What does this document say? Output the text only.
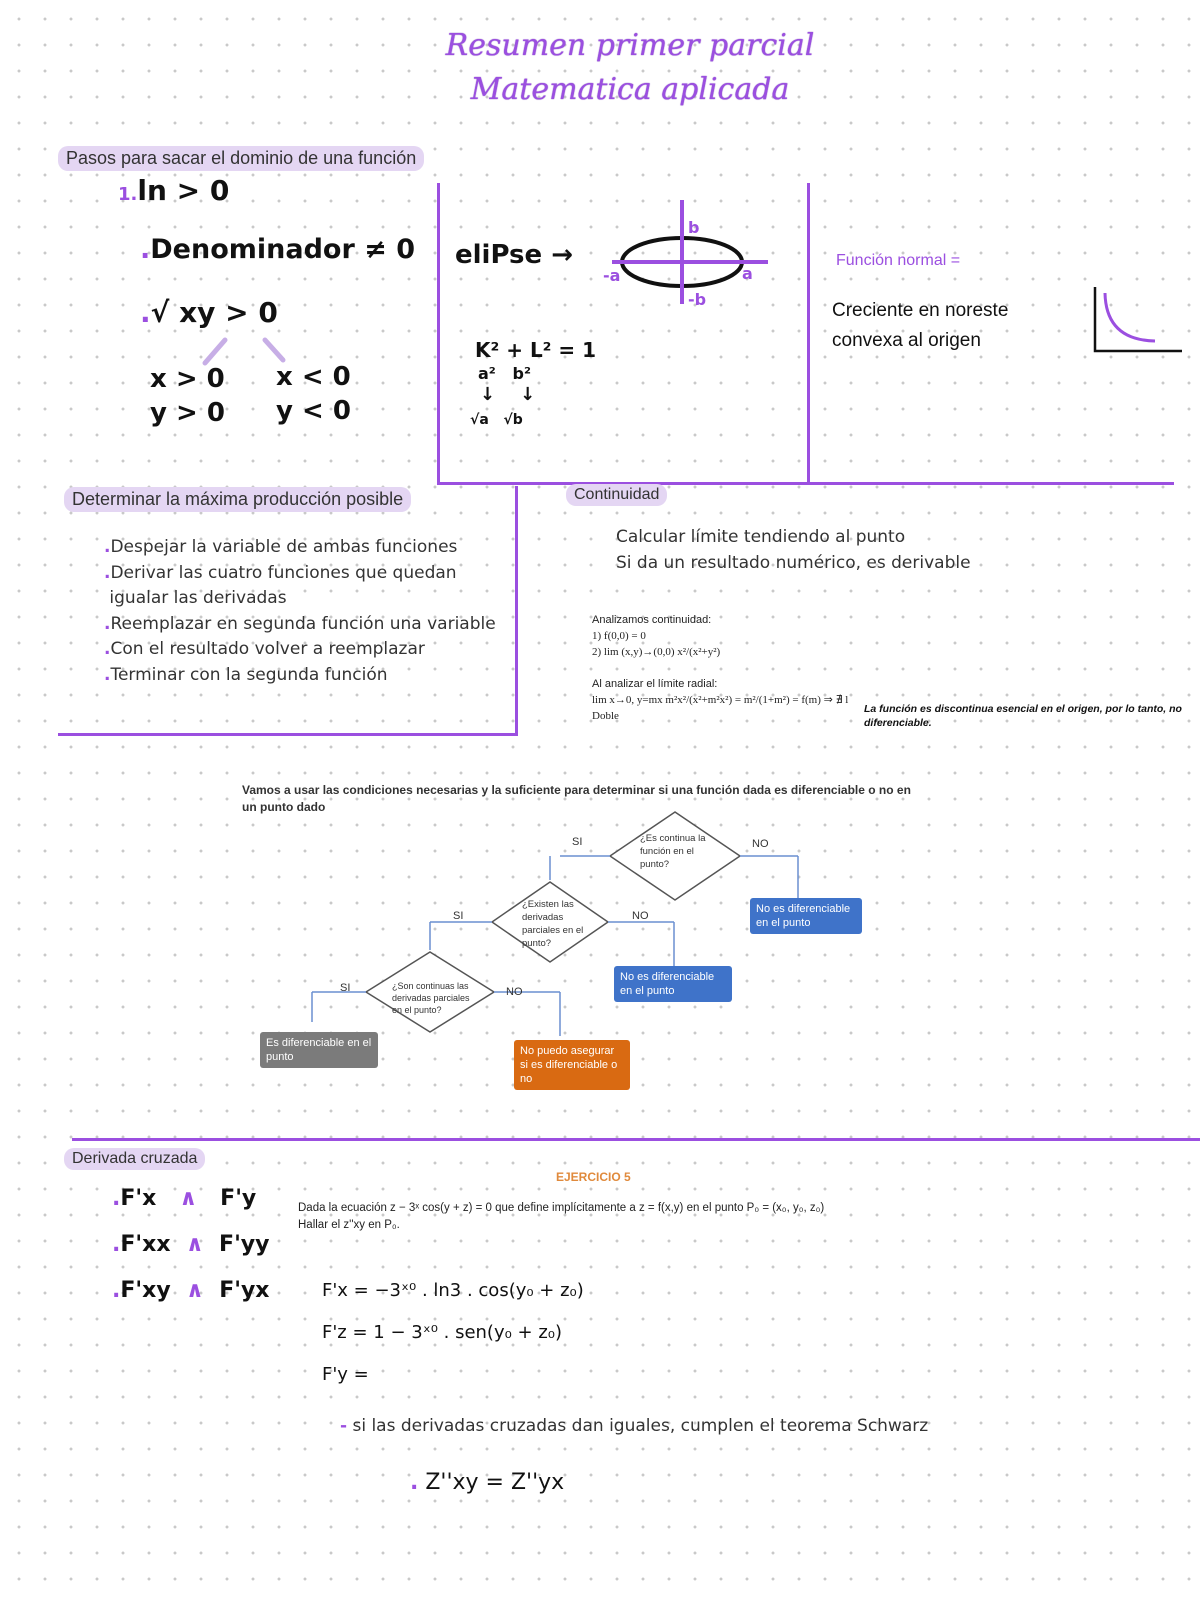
Resumen primer parcial
Matematica aplicada
Pasos para sacar el dominio de una función
1.ln > 0
.Denominador ≠ 0
.√ xy > 0
x > 0
y > 0
x < 0
y < 0
eliPse →
b
-b
a
-a
K² + L² = 1
a²   b²
↓    ↓
√a   √b
Función normal =
Creciente en noreste
convexa al origen
Determinar la máxima producción posible
.Despejar la variable de ambas funciones
.Derivar las cuatro funciones que quedan
igualar las derivadas
.Reemplazar en segunda función una variable
.Con el resultado volver a reemplazar
.Terminar con la segunda función
Continuidad
Calcular límite tendiendo al punto
Si da un resultado numérico, es derivable
Analizamos continuidad:
1) f(0,0) = 0
2) lim (x,y)→(0,0) x²/(x²+y²)
Al analizar el límite radial:
lim x→0, y=mx m²x²/(x²+m²x²) = m²/(1+m²) = f(m) ⇒ ∄ l Doble
La función es discontinua esencial en el origen, por lo tanto, no diferenciable.
Vamos a usar las condiciones necesarias y la suficiente para determinar si una función dada es diferenciable o no en un punto dado
¿Es continua la función en el punto?
¿Existen las derivadas parciales en el punto?
¿Son continuas las derivadas parciales en el punto?
SI	NO
SI	NO
SI	NO
No es diferenciable en el punto
No es diferenciable en el punto
Es diferenciable en el punto	No puedo asegurar si es diferenciable o no
Derivada cruzada
.F'x ∧ F'y
.F'xx ∧ F'yy
.F'xy ∧ F'yx
EJERCICIO 5
Dada la ecuación z − 3ˣ cos(y + z) = 0 que define implícitamente a z = f(x,y) en el punto P₀ = (x₀, y₀, z₀)
Hallar el z''xy en P₀.
F'x = −3ˣ⁰ . ln3 . cos(y₀ + z₀)
F'z = 1 − 3ˣ⁰ . sen(y₀ + z₀)
F'y =
- si las derivadas cruzadas dan iguales, cumplen el teorema Schwarz
. Z''xy = Z''yx
